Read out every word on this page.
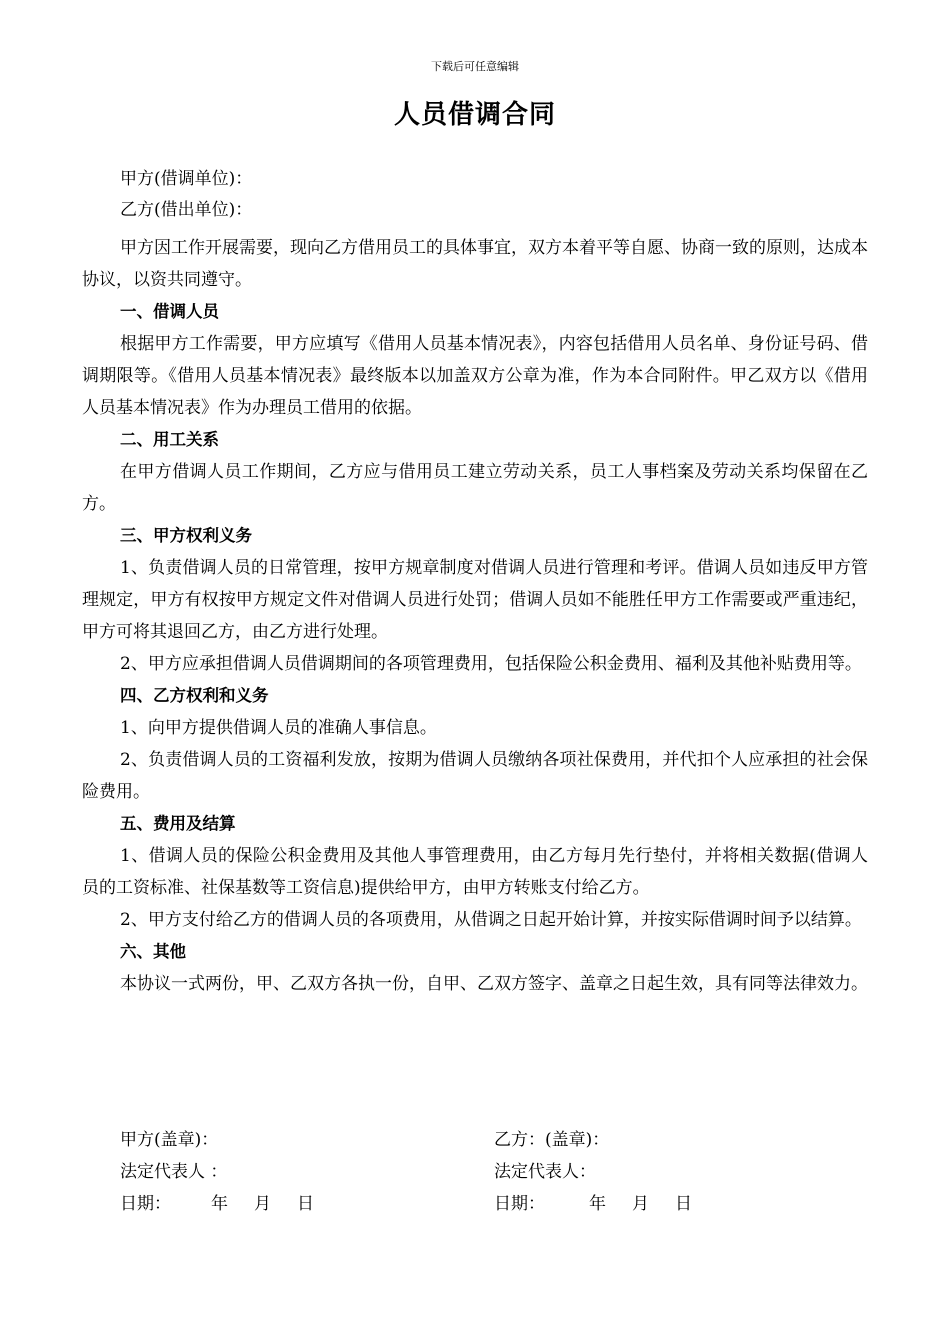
下载后可任意编辑
人员借调合同

甲方(借调单位)：

乙方(借出单位)：

甲方因工作开展需要，现向乙方借用员工的具体事宜，双方本着平等自愿、协商一致的原则，达成本协议，以资共同遵守。

一、借调人员

根据甲方工作需要，甲方应填写《借用人员基本情况表》，内容包括借用人员名单、身份证号码、借调期限等。《借用人员基本情况表》最终版本以加盖双方公章为准，作为本合同附件。甲乙双方以《借用人员基本情况表》作为办理员工借用的依据。

二、用工关系

在甲方借调人员工作期间，乙方应与借用员工建立劳动关系，员工人事档案及劳动关系均保留在乙方。

三、甲方权利义务

1、负责借调人员的日常管理，按甲方规章制度对借调人员进行管理和考评。借调人员如违反甲方管理规定，甲方有权按甲方规定文件对借调人员进行处罚；借调人员如不能胜任甲方工作需要或严重违纪，甲方可将其退回乙方，由乙方进行处理。

2、甲方应承担借调人员借调期间的各项管理费用，包括保险公积金费用、福利及其他补贴费用等。

四、乙方权利和义务

1、向甲方提供借调人员的准确人事信息。

2、负责借调人员的工资福利发放，按期为借调人员缴纳各项社保费用，并代扣个人应承担的社会保险费用。

五、费用及结算

1、借调人员的保险公积金费用及其他人事管理费用，由乙方每月先行垫付，并将相关数据(借调人员的工资标准、社保基数等工资信息)提供给甲方，由甲方转账支付给乙方。

2、甲方支付给乙方的借调人员的各项费用，从借调之日起开始计算，并按实际借调时间予以结算。

六、其他

本协议一式两份，甲、乙双方各执一份，自甲、乙双方签字、盖章之日起生效，具有同等法律效力。

甲方(盖章)：	乙方：(盖章)：
法定代表人 ：	法定代表人：
日期： 年 月 日	日期：	年 月 日
